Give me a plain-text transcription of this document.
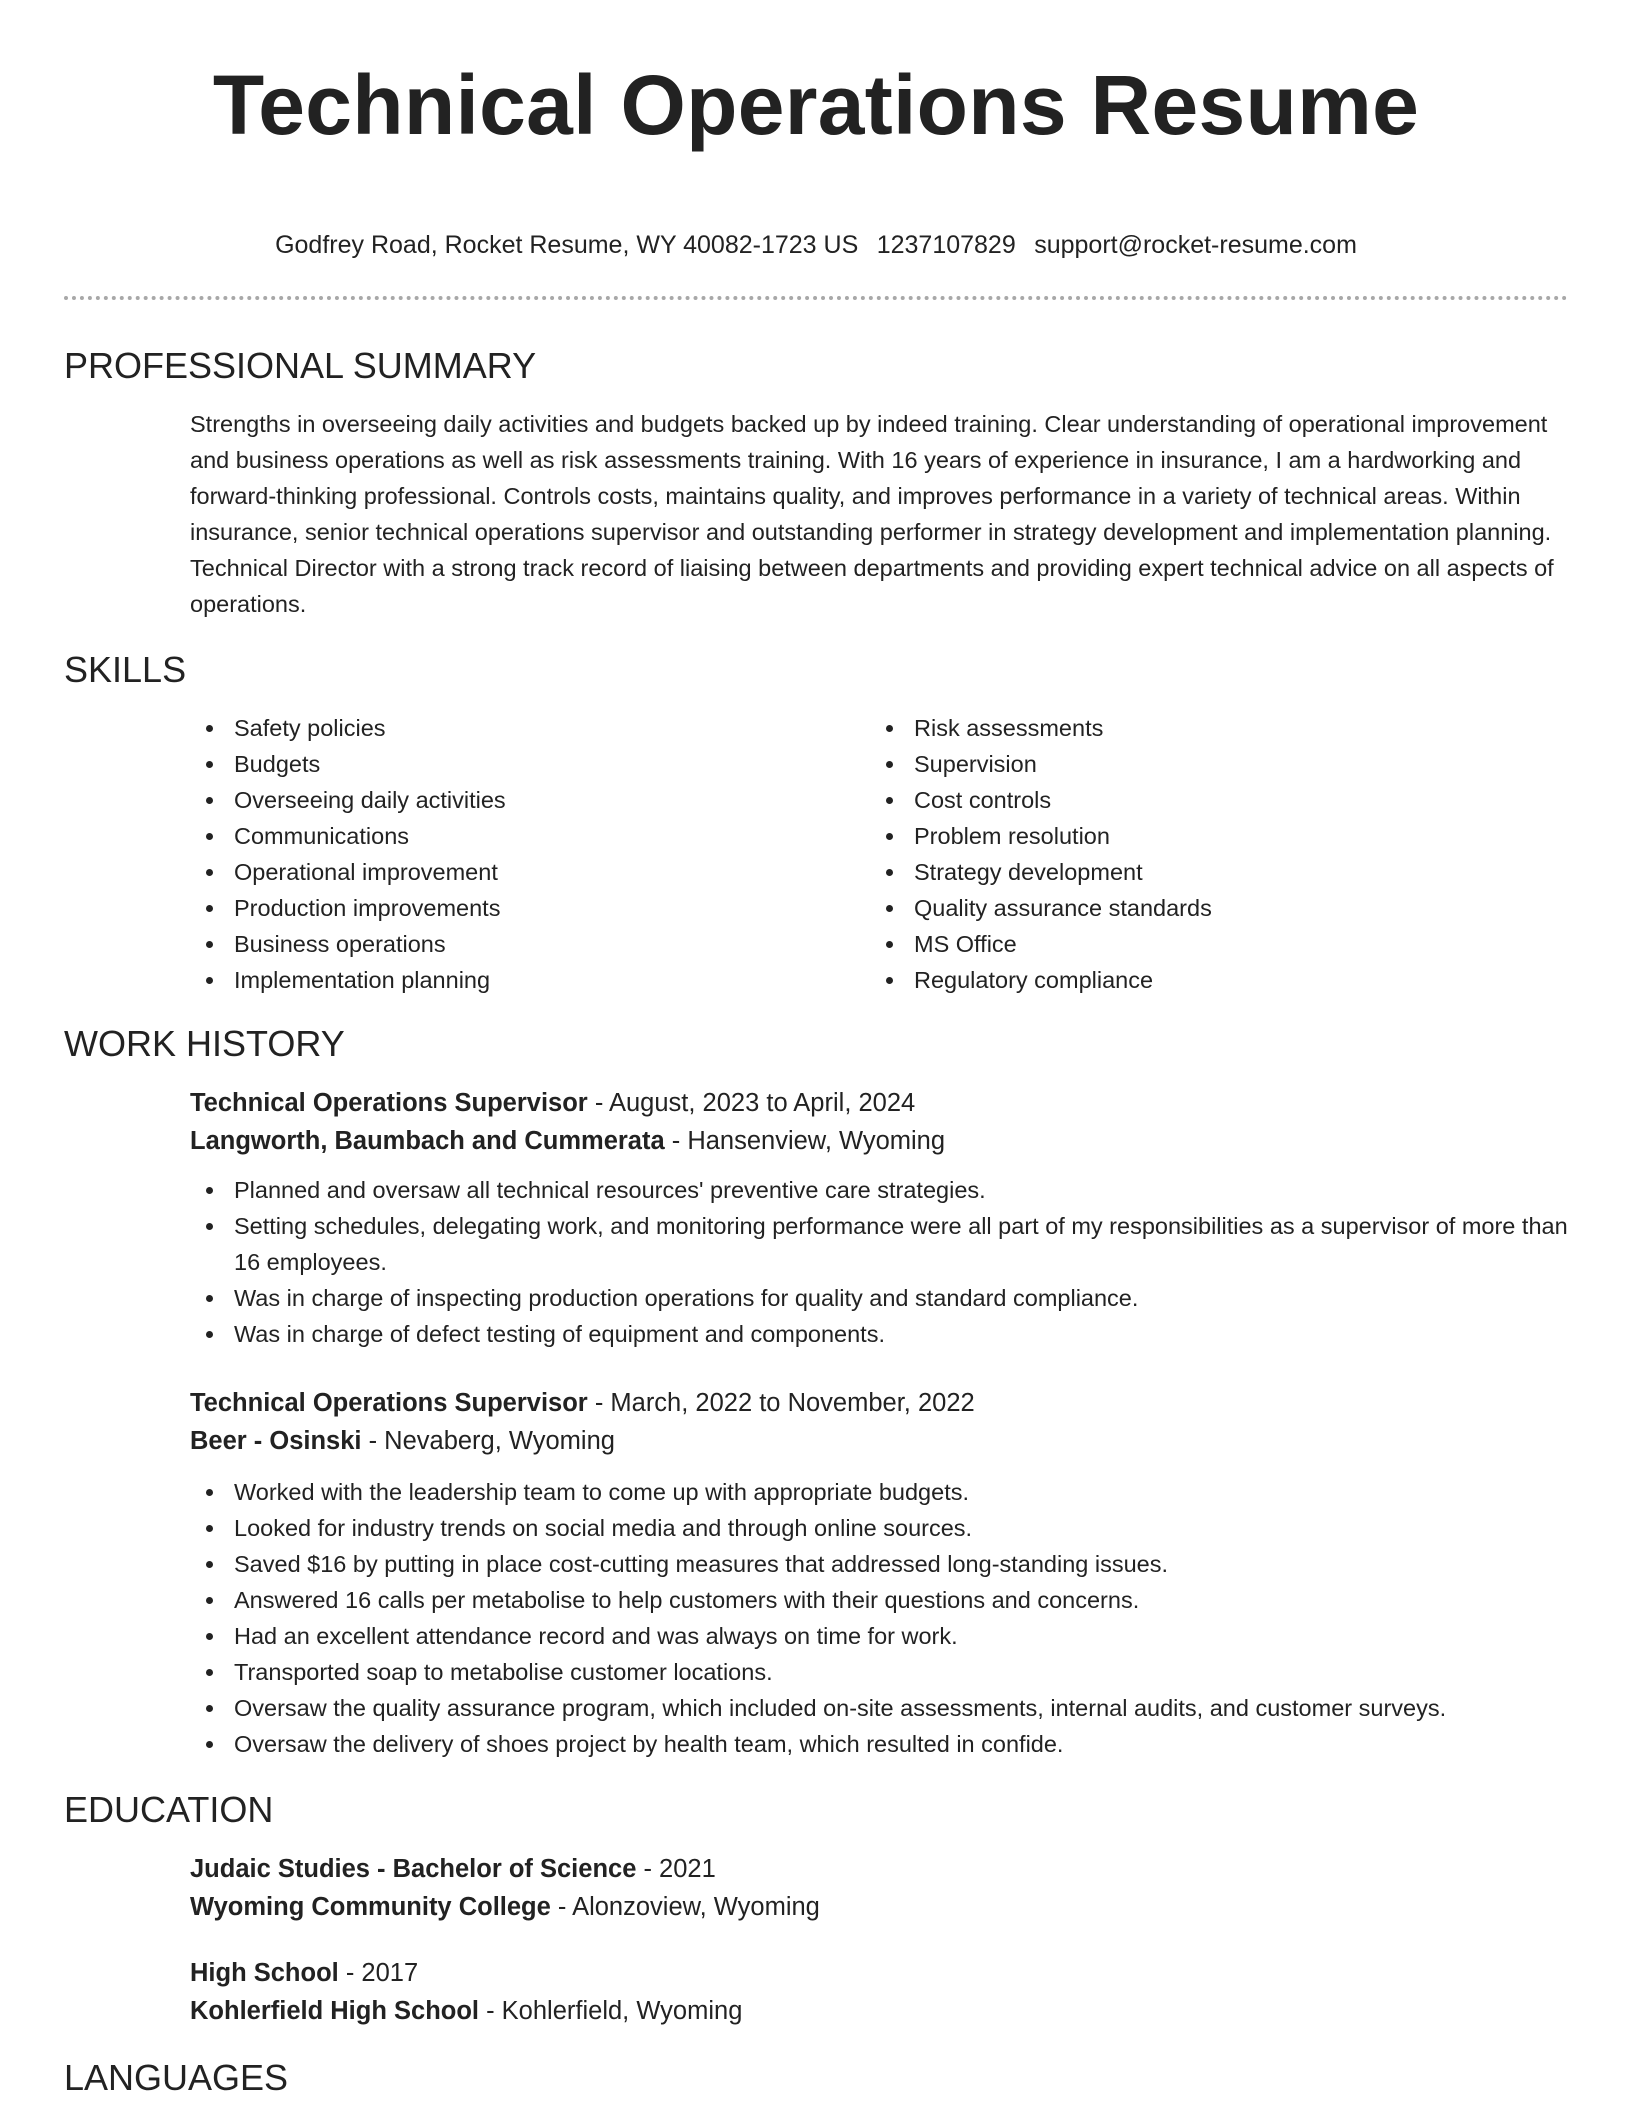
Technical Operations Resume
Godfrey Road, Rocket Resume, WY 40082-1723 US 1237107829 support@rocket-resume.com
PROFESSIONAL SUMMARY

Strengths in overseeing daily activities and budgets backed up by indeed training. Clear understanding of operational improvement and business operations as well as risk assessments training. With 16 years of experience in insurance, I am a hardworking and forward-thinking professional. Controls costs, maintains quality, and improves performance in a variety of technical areas. Within insurance, senior technical operations supervisor and outstanding performer in strategy development and implementation planning. Technical Director with a strong track record of liaising between departments and providing expert technical advice on all aspects of operations.

SKILLS
Safety policies
Budgets
Overseeing daily activities
Communications
Operational improvement
Production improvements
Business operations
Implementation planning
Risk assessments
Supervision
Cost controls
Problem resolution
Strategy development
Quality assurance standards
MS Office
Regulatory compliance
WORK HISTORY
Technical Operations Supervisor - August, 2023 to April, 2024
Langworth, Baumbach and Cummerata - Hansenview, Wyoming
Planned and oversaw all technical resources' preventive care strategies.
Setting schedules, delegating work, and monitoring performance were all part of my responsibilities as a supervisor of more than 16 employees.
Was in charge of inspecting production operations for quality and standard compliance.
Was in charge of defect testing of equipment and components.
Technical Operations Supervisor - March, 2022 to November, 2022
Beer - Osinski - Nevaberg, Wyoming
Worked with the leadership team to come up with appropriate budgets.
Looked for industry trends on social media and through online sources.
Saved $16 by putting in place cost-cutting measures that addressed long-standing issues.
Answered 16 calls per metabolise to help customers with their questions and concerns.
Had an excellent attendance record and was always on time for work.
Transported soap to metabolise customer locations.
Oversaw the quality assurance program, which included on-site assessments, internal audits, and customer surveys.
Oversaw the delivery of shoes project by health team, which resulted in confide.
EDUCATION
Judaic Studies - Bachelor of Science - 2021
Wyoming Community College - Alonzoview, Wyoming
High School - 2017
Kohlerfield High School - Kohlerfield, Wyoming
LANGUAGES
